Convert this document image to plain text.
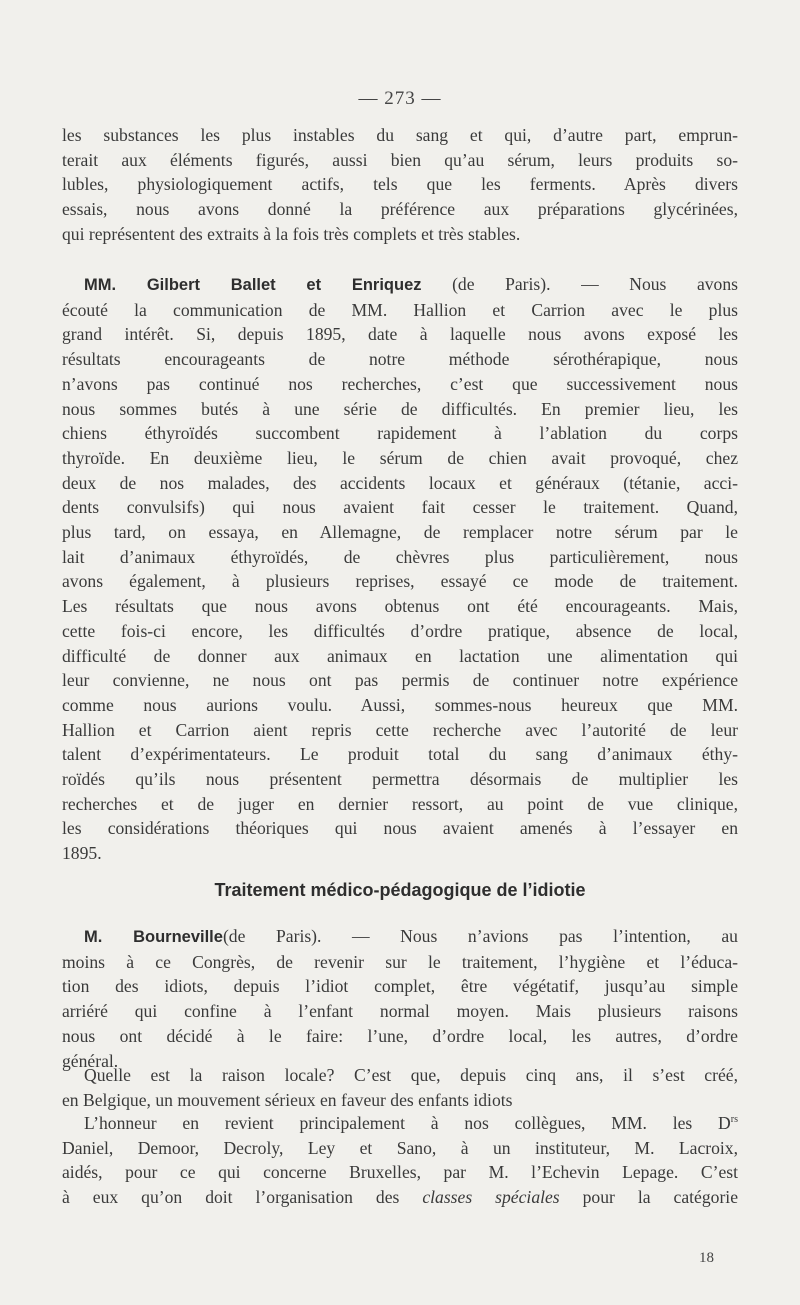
— 273 —
les substances les plus instables du sang et qui, d’autre part, emprun-
terait aux éléments figurés, aussi bien qu’au sérum, leurs produits so-
lubles, physiologiquement actifs, tels que les ferments. Après divers
essais, nous avons donné la préférence aux préparations glycérinées,
qui représentent des extraits à la fois très complets et très stables.
MM. Gilbert Ballet et Enriquez (de Paris). — Nous avons
écouté la communication de MM. Hallion et Carrion avec le plus
grand intérêt. Si, depuis 1895, date à laquelle nous avons exposé les
résultats encourageants de notre méthode sérothérapique, nous
n’avons pas continué nos recherches, c’est que successivement nous
nous sommes butés à une série de difficultés. En premier lieu, les
chiens éthyroïdés succombent rapidement à l’ablation du corps
thyroïde. En deuxième lieu, le sérum de chien avait provoqué, chez
deux de nos malades, des accidents locaux et généraux (tétanie, acci-
dents convulsifs) qui nous avaient fait cesser le traitement. Quand,
plus tard, on essaya, en Allemagne, de remplacer notre sérum par le
lait d’animaux éthyroïdés, de chèvres plus particulièrement, nous
avons également, à plusieurs reprises, essayé ce mode de traitement.
Les résultats que nous avons obtenus ont été encourageants. Mais,
cette fois-ci encore, les difficultés d’ordre pratique, absence de local,
difficulté de donner aux animaux en lactation une alimentation qui
leur convienne, ne nous ont pas permis de continuer notre expérience
comme nous aurions voulu. Aussi, sommes-nous heureux que MM.
Hallion et Carrion aient repris cette recherche avec l’autorité de leur
talent d’expérimentateurs. Le produit total du sang d’animaux éthy-
roïdés qu’ils nous présentent permettra désormais de multiplier les
recherches et de juger en dernier ressort, au point de vue clinique,
les considérations théoriques qui nous avaient amenés à l’essayer en
1895.
Traitement médico-pédagogique de l’idiotie
M. Bourneville(de Paris). — Nous n’avions pas l’intention, au
moins à ce Congrès, de revenir sur le traitement, l’hygiène et l’éduca-
tion des idiots, depuis l’idiot complet, être végétatif, jusqu’au simple
arriéré qui confine à l’enfant normal moyen. Mais plusieurs raisons
nous ont décidé à le faire: l’une, d’ordre local, les autres, d’ordre
général.
Quelle est la raison locale? C’est que, depuis cinq ans, il s’est créé,
en Belgique, un mouvement sérieux en faveur des enfants idiots
L’honneur en revient principalement à nos collègues, MM. les $D^{rs}$
Daniel, Demoor, Decroly, Ley et Sano, à un instituteur, M. Lacroix,
aidés, pour ce qui concerne Bruxelles, par M. l’Echevin Lepage. C’est
à eux qu’on doit l’organisation des classes spéciales pour la catégorie
18
